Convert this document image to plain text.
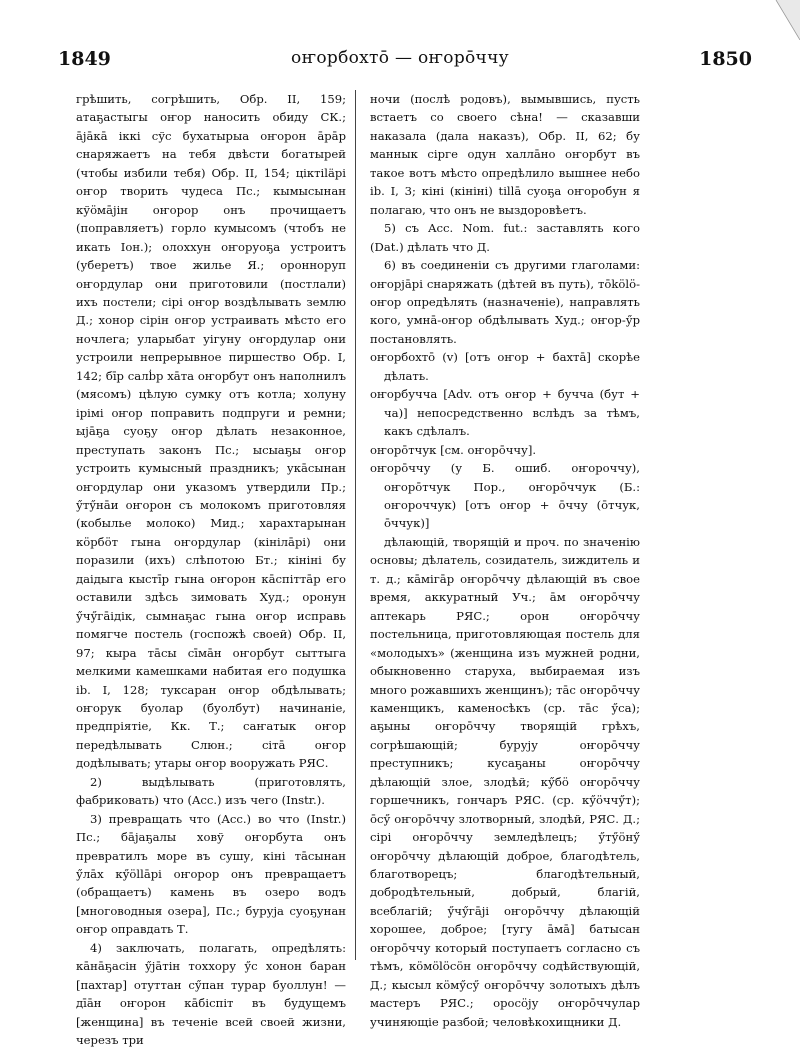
1849	оҥорбохтō — оҥорōччу	1850

грѣшить, согрѣшить, Обр. II, 159; атаҕастыгы оҥор наносить обиду СК.; āјāкā іккі сўс бухатырыа оҥорон āрāр снаряжаетъ на тебя двѣсти богатырей (чтобы избили тебя) Обр. II, 154; ціктіläрі оҥор творить чудеса Пс.; кымысынан кўӧмāјін оҥорор онъ прочищаетъ (поправляетъ) горло кумысомъ (чтобъ не икать Іон.); олохxyн оҥоруоҕа устроитъ (уберетъ) твое жилье Я.; оронноруп оҥордулар они приготовили (постлали) ихъ постели; сірі оҥор воздѣлывать землю Д.; хонор сірін оҥор устраивать мѣсто его ночлега; уларыбат уігуну оҥордулар они устроили непрерывное пиршество Обр. I, 142; бīр салḃр хāта оҥорбут онъ наполнилъ (мясомъ) цѣлую сумку отъ котла; холуну ірімі оҥор поправить подпруги и ремни; ыјāҕа суоҕу оҥор дѣлать незаконное, преступать законъ Пс.; ысыаҕы оҥор устроить кумысный праздникъ; укāсынан оҥордулар они указомъ утвердили Пр.; ӳтӳнāи оҥорон съ молокомъ приготовляя (кобылье молоко) Мид.; харахтарынан кӧрбӧт гына оҥордулар (кінілāрі) они поразили (ихъ) слѣпотою Бт.; кініні бу даідыга кыстīр гына оҥорон кāспіттāр его оставили здѣсь зимовать Худ.; оронун ӳчӳгāідік, сымнаҕас гына оҥор исправь помягче постель (госпожѣ своей) Обр. II, 97; кыра тāсы сīмāн оҥорбут сыттыга мелкими камешками набитая его подушка ib. I, 128; туксаран оҥор обдѣлывать; оҥорук буолар (буолбут) начинаніе, предпріятіе, Кк. Т.; саҥатык оҥор передѣлывать Слюн.; сітā оҥор додѣлывать; утары оҥор вооружать РЯС.

2) выдѣлывать (приготовлять, фабриковать) что (Acc.) изъ чего (Instr.).

3) превращать что (Acc.) во что (Instr.) Пс.; бāјаҕалы ховў оҥорбута онъ превратилъ море въ сушу, кіні тāсынан ӳлāх кӳӧllāрі оҥорор онъ превращаетъ (обращаетъ) камень въ озеро водъ [многоводныя озера], Пс.; буруја суоҕунан оҥор оправдать Т.

4) заключать, полагать, опредѣлять: кāнāҕасін ӳјāтін тоххору ӳс хонон баран [пахтар] отуттан сӳпан турар буоллун! — дīāн оҥорон кāбіспіт въ будущемъ [женщина] въ теченіе всей своей жизни, черезъ три

ночи (послѣ родовъ), вымывшись, пусть встаетъ со своего сѣна! — сказавши наказала (дала наказъ), Обр. II, 62; бу маннык сірге одун халлāно оҥорбут въ такое вотъ мѣсто опредѣлило вышнее небо ib. I, 3; кіні (кініні) tіllā суоҕа оҥоробун я полагаю, что онъ не выздоровѣетъ.

5) съ Acc. Nom. fut.: заставлять кого (Dat.) дѣлать что Д.

6) въ соединеніи съ другими глаголами: оҥорјāрі снаряжать (дѣтей въ путь), тōkӧlӧ-оҥор опредѣлять (назначеніе), направлять кого, умнā-оҥор обдѣлывать Худ.; оҥор-ӳр постановлять.

оҥорбохтō (v) [отъ оҥор + бахтā] скорѣе дѣлать.

оҥорбучча [Adv. отъ оҥор + бучча (бут + ча)] непосредственно вслѣдъ за тѣмъ, какъ сдѣлалъ.

оҥорōтчук [см. оҥорōччу].

оҥорōччу (у Б. ошиб. оҥороччу), оҥорōтчук Пор., оҥорōччук (Б.: оҥороччук) [отъ оҥор + ōччу (ōтчук, ōччук)]

дѣлающій, творящій и проч. по значенію основы; дѣлатель, созидатель, зиждитель и т. д.; кāмігāр оҥорōччу дѣлающій въ свое время, аккуратный Уч.; āм оҥорōччу аптекарь РЯС.; орон оҥорōччу постельница, приготовляющая постель для «молодыхъ» (женщина изъ мужней родни, обыкновенно старуха, выбираемая изъ много рожавшихъ женщинъ); тāс оҥорōччу каменщикъ, каменосѣкъ (ср. тāс ӳса); аҕыны оҥорōччу творящій грѣхъ, согрѣшающій; бурују оҥорōччу преступникъ; кусаҕаны оҥорōччу дѣлающій злое, злодѣй; кӳбӧ оҥорōччу горшечникъ, гончаръ РЯС. (ср. кӳӧччӳт); ōсӳ оҥорōччу злотворный, злодѣй, РЯС. Д.; сірі оҥорōччу земледѣлецъ; ӳтӳӧнӳ оҥорōччу дѣлающій доброе, благодѣтель, благотворецъ; благодѣтельный, добродѣтельный, добрый, благій, всеблагій; ӳчӳгāјі оҥорōччу дѣлающій хорошее, доброе; [тугу āмā] батысан оҥорōччу который поступаетъ согласно съ тѣмъ, кӧмӧlӧсӧн оҥорōччу содѣйствующій, Д.; кысыл кӧмӳсӳ оҥорōччу золотыхъ дѣлъ мастеръ РЯС.; оросӧју оҥорōччулар учиняющіе разбой; человѣкохищники Д.
